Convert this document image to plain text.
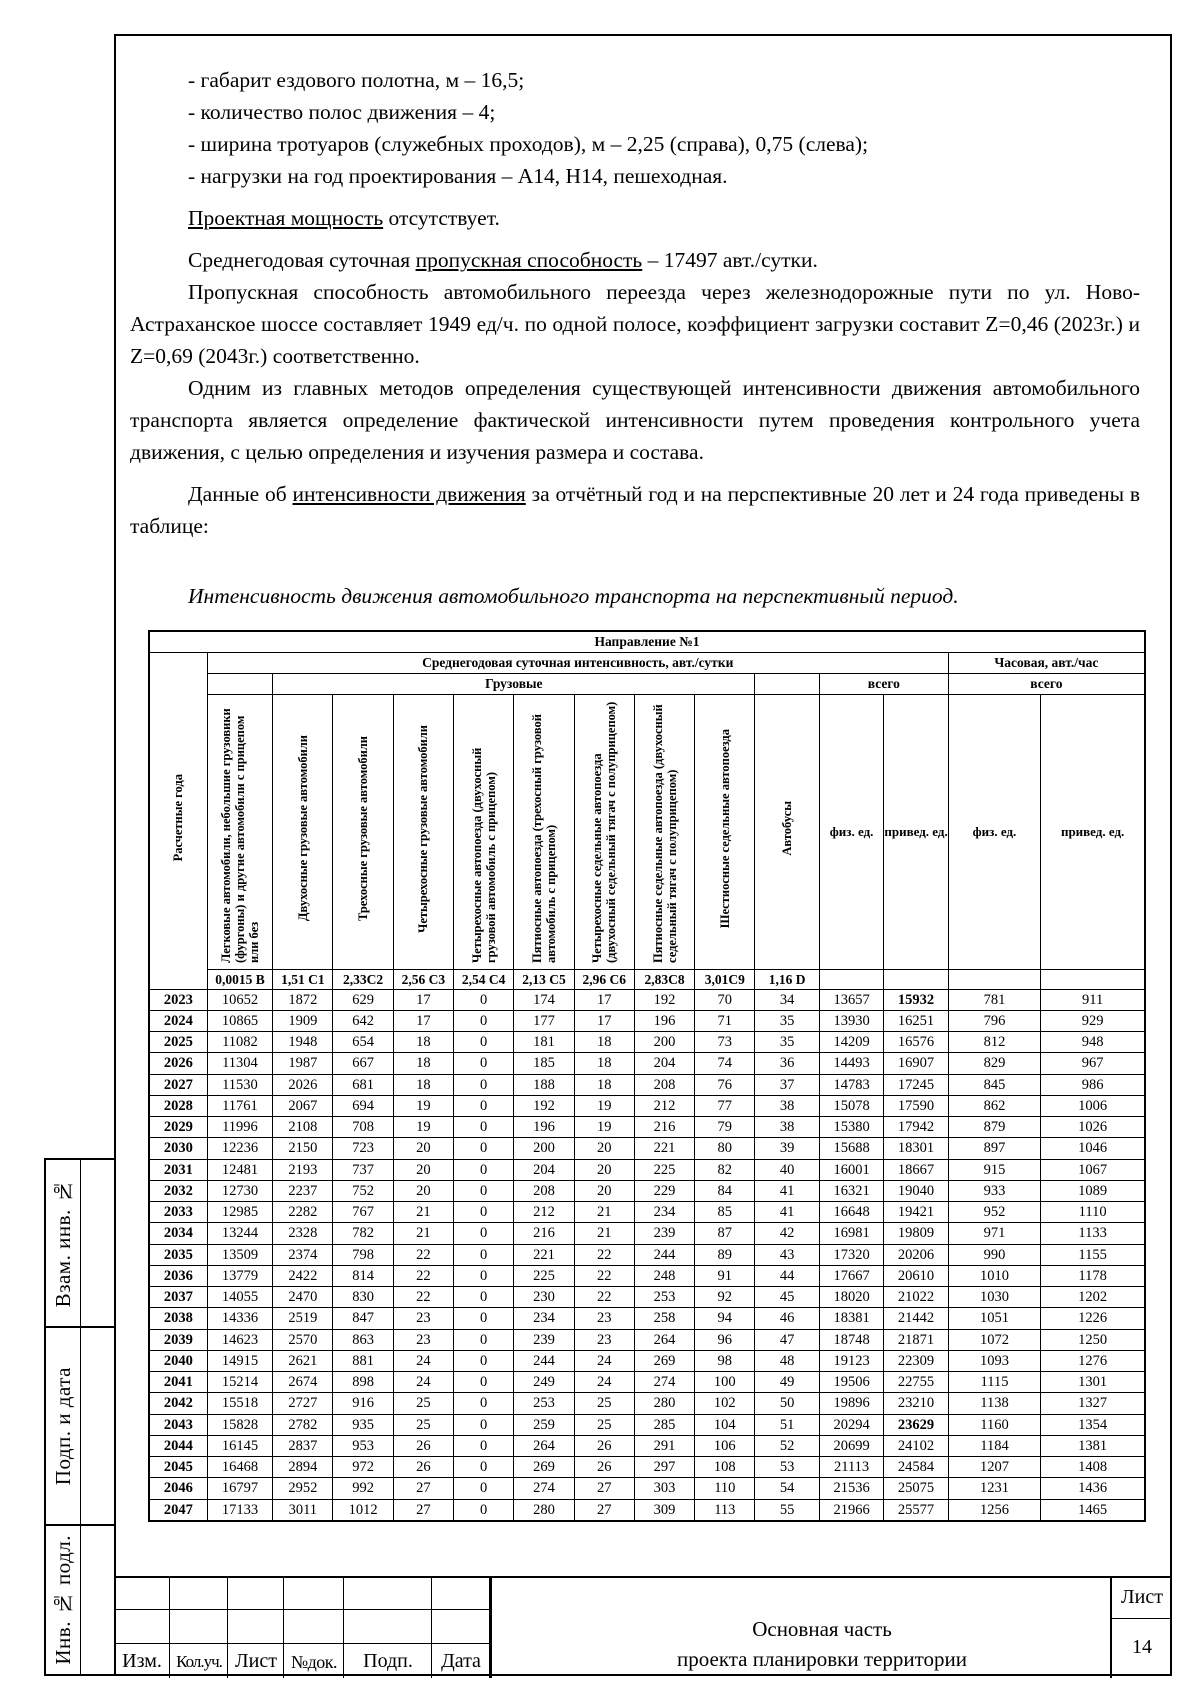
- габарит ездового полотна, м – 16,5;

- количество полос движения – 4;

- ширина тротуаров (служебных проходов), м – 2,25 (справа), 0,75 (слева);

- нагрузки на год проектирования – А14, Н14, пешеходная.

Проектная мощность отсутствует.

Среднегодовая суточная пропускная способность – 17497 авт./сутки.

Пропускная способность автомобильного переезда через железнодорожные пути по ул. Ново-Астраханское шоссе составляет 1949 ед/ч. по одной полосе, коэффициент загрузки составит Z=0,46 (2023г.) и Z=0,69 (2043г.) соответственно.

Одним из главных методов определения существующей интенсивности движения автомобильного транспорта является определение фактической интенсивности путем проведения контрольного учета движения, с целью определения и изучения размера и состава.

Данные об интенсивности движения за отчётный год и на перспективные 20 лет и 24 года приведены в таблице:

Интенсивность движения автомобильного транспорта на перспективный период.

Направление №1														
Расчетные года	Среднегодовая суточная интенсивность, авт./сутки												Часовая, авт./час	
		Грузовые									всего		всего	
	Легковые автомобили, небольшие грузовики (фургоны) и другие автомобили с прицепом или без	Двухосные грузовые автомобили	Трехосные грузовые автомобили	Четырехосные грузовые автомобили	Четырехосные автопоезда (двухосный грузовой автомобиль с прицепом)	Пятиосные автопоезда (трехосный грузовой автомобиль с прицепом)	Четырехосные седельные автопоезда (двухосный седельный тягач с полуприцепом)	Пятиосные седельные автопоезда (двухосный седельный тягач с полуприцепом)	Шестиосные седельные автопоезда	Автобусы	физ. ед.	привед. ед.	физ. ед.	привед. ед.
	0,0015 В	1,51 С1	2,33С2	2,56 С3	2,54 С4	2,13 С5	2,96 С6	2,83С8	3,01С9	1,16 D				
2023	10652	1872	629	17	0	174	17	192	70	34	13657	15932	781	911
2024	10865	1909	642	17	0	177	17	196	71	35	13930	16251	796	929
2025	11082	1948	654	18	0	181	18	200	73	35	14209	16576	812	948
2026	11304	1987	667	18	0	185	18	204	74	36	14493	16907	829	967
2027	11530	2026	681	18	0	188	18	208	76	37	14783	17245	845	986
2028	11761	2067	694	19	0	192	19	212	77	38	15078	17590	862	1006
2029	11996	2108	708	19	0	196	19	216	79	38	15380	17942	879	1026
2030	12236	2150	723	20	0	200	20	221	80	39	15688	18301	897	1046
2031	12481	2193	737	20	0	204	20	225	82	40	16001	18667	915	1067
2032	12730	2237	752	20	0	208	20	229	84	41	16321	19040	933	1089
2033	12985	2282	767	21	0	212	21	234	85	41	16648	19421	952	1110
2034	13244	2328	782	21	0	216	21	239	87	42	16981	19809	971	1133
2035	13509	2374	798	22	0	221	22	244	89	43	17320	20206	990	1155
2036	13779	2422	814	22	0	225	22	248	91	44	17667	20610	1010	1178
2037	14055	2470	830	22	0	230	22	253	92	45	18020	21022	1030	1202
2038	14336	2519	847	23	0	234	23	258	94	46	18381	21442	1051	1226
2039	14623	2570	863	23	0	239	23	264	96	47	18748	21871	1072	1250
2040	14915	2621	881	24	0	244	24	269	98	48	19123	22309	1093	1276
2041	15214	2674	898	24	0	249	24	274	100	49	19506	22755	1115	1301
2042	15518	2727	916	25	0	253	25	280	102	50	19896	23210	1138	1327
2043	15828	2782	935	25	0	259	25	285	104	51	20294	23629	1160	1354
2044	16145	2837	953	26	0	264	26	291	106	52	20699	24102	1184	1381
2045	16468	2894	972	26	0	269	26	297	108	53	21113	24584	1207	1408
2046	16797	2952	992	27	0	274	27	303	110	54	21536	25075	1231	1436
2047	17133	3011	1012	27	0	280	27	309	113	55	21966	25577	1256	1465
Взам. инв. №
Подп. и дата
Инв. № подл.	Изм. Кол.уч. Лист №док.	Подп.	Дата
Основная часть
проекта планировки территории
Лист
14
